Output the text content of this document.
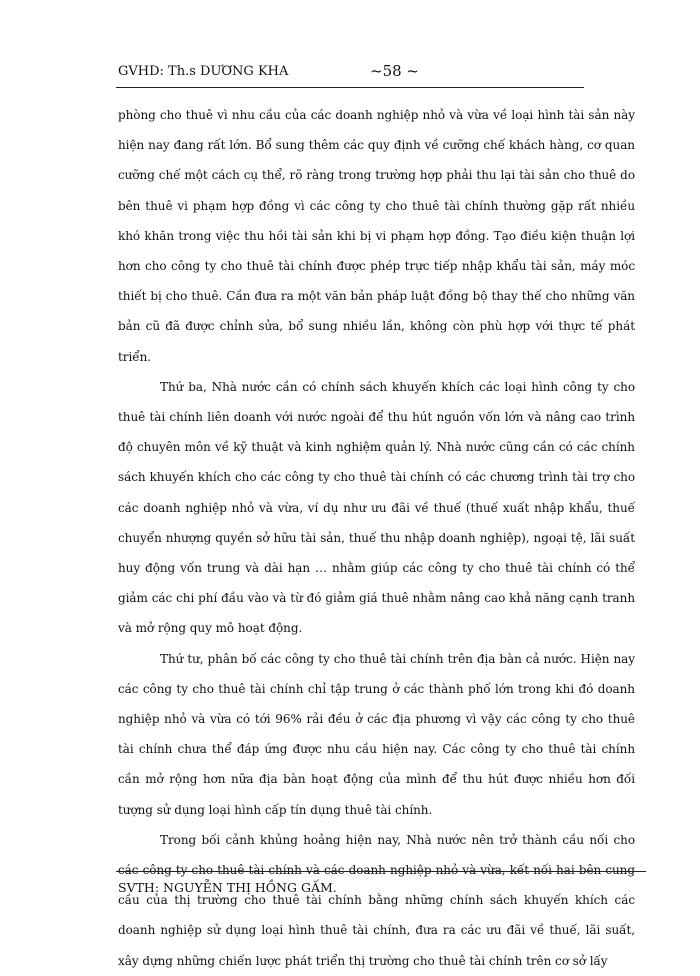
GVHD: Th.s DƯƠNG KHA	~58 ~

phòng cho thuê vì nhu cầu của các doanh nghiệp nhỏ và vừa về loại hình tài sản này hiện nay đang rất lớn. Bổ sung thêm các quy định về cưỡng chế khách hàng, cơ quan cưỡng chế một cách cụ thể, rõ ràng trong trường hợp phải thu lại tài sản cho thuê do bên thuê vi phạm hợp đồng vì các công ty cho thuê tài chính thường gặp rất nhiều khó khăn trong việc thu hồi tài sản khi bị vi phạm hợp đồng. Tạo điều kiện thuận lợi hơn cho công ty cho thuê tài chính được phép trực tiếp nhập khẩu tài sản, máy móc thiết bị cho thuê. Cần đưa ra một văn bản pháp luật đồng bộ thay thế cho những văn bản cũ đã được chỉnh sửa, bổ sung nhiều lần, không còn phù hợp với thực tế phát triển.

Thứ ba, Nhà nước cần có chính sách khuyến khích các loại hình công ty cho thuê tài chính liên doanh với nước ngoài để thu hút nguồn vốn lớn và nâng cao trình độ chuyên môn về kỹ thuật và kinh nghiệm quản lý. Nhà nước cũng cần có các chính sách khuyến khích cho các công ty cho thuê tài chính có các chương trình tài trợ cho các doanh nghiệp nhỏ và vừa, ví dụ như ưu đãi về thuế (thuế xuất nhập khẩu, thuế chuyển nhượng quyền sở hữu tài sản, thuế thu nhập doanh nghiệp), ngoại tệ, lãi suất huy động vốn trung và dài hạn … nhằm giúp các công ty cho thuê tài chính có thể giảm các chi phí đầu vào và từ đó giảm giá thuê nhằm nâng cao khả năng cạnh tranh và mở rộng quy mô hoạt động.

Thứ tư, phân bố các công ty cho thuê tài chính trên địa bàn cả nước. Hiện nay các công ty cho thuê tài chính chỉ tập trung ở các thành phố lớn trong khi đó doanh nghiệp nhỏ và vừa có tới 96% rải đều ở các địa phương vì vậy các công ty cho thuê tài chính chưa thể đáp ứng được nhu cầu hiện nay. Các công ty cho thuê tài chính cần mở rộng hơn nữa địa bàn hoạt động của mình để thu hút được nhiều hơn đối tượng sử dụng loại hình cấp tín dụng thuê tài chính.

Trong bối cảnh khủng hoảng hiện nay, Nhà nước nên trở thành cầu nối cho các công ty cho thuê tài chính và các doanh nghiệp nhỏ và vừa, kết nối hai bên cung cầu của thị trường cho thuê tài chính bằng những chính sách khuyến khích các doanh nghiệp sử dụng loại hình thuê tài chính, đưa ra các ưu đãi về thuế, lãi suất, xây dựng những chiến lược phát triển thị trường cho thuê tài chính trên cơ sở lấy

SVTH: NGUYỄN THỊ HỒNG GẤM.
